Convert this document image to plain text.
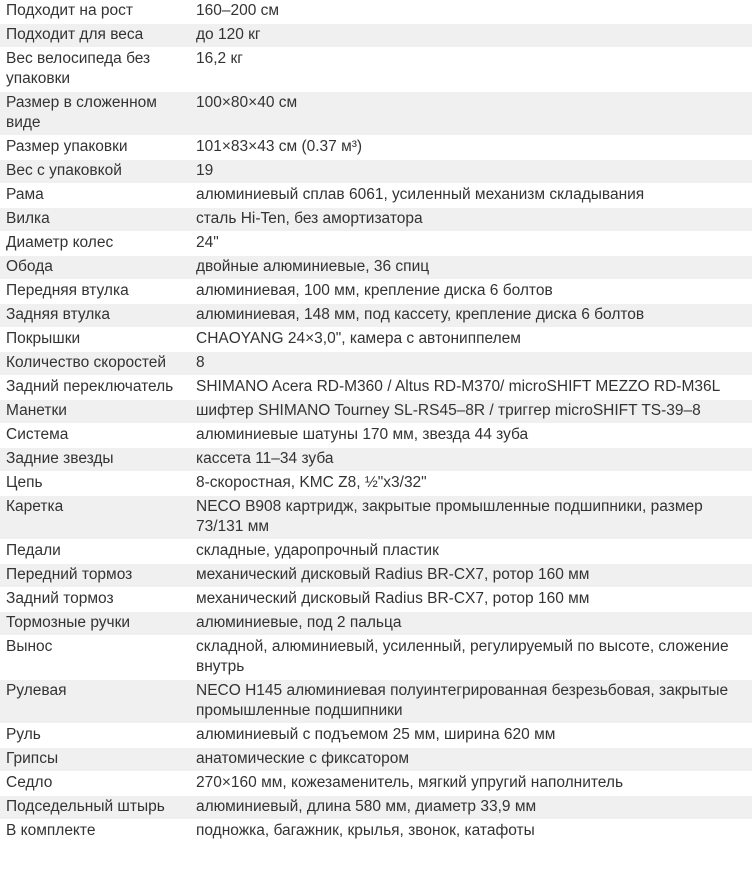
Подходит на рост	160–200 см
Подходит для веса	до 120 кг
Вес велосипеда без упаковки	16,2 кг
Размер в сложенном виде	100×80×40 см
Размер упаковки	101×83×43 см (0.37 м³)
Вес с упаковкой	19
Рама	алюминиевый сплав 6061, усиленный механизм складывания
Вилка	сталь Hi-Ten, без амортизатора
Диаметр колес	24"
Обода	двойные алюминиевые, 36 спиц
Передняя втулка	алюминиевая, 100 мм, крепление диска 6 болтов
Задняя втулка	алюминиевая, 148 мм, под кассету, крепление диска 6 болтов
Покрышки	CHAOYANG 24×3,0", камера с автониппелем
Количество скоростей	8
Задний переключатель	SHIMANO Acera RD-M360 / Altus RD-M370/ microSHIFT MEZZO RD-M36L
Манетки	шифтер SHIMANO Tourney SL-RS45–8R / триггер microSHIFT TS-39–8
Система	алюминиевые шатуны 170 мм, звезда 44 зуба
Задние звезды	кассета 11–34 зуба
Цепь	8-скоростная, KMC Z8, ½"x3/32"
Каретка	NECO B908 картридж, закрытые промышленные подшипники, размер 73/131 мм
Педали	складные, ударопрочный пластик
Передний тормоз	механический дисковый Radius BR-CX7, ротор 160 мм
Задний тормоз	механический дисковый Radius BR-CX7, ротор 160 мм
Тормозные ручки	алюминиевые, под 2 пальца
Вынос	складной, алюминиевый, усиленный, регулируемый по высоте, сложение внутрь
Рулевая	NECO H145 алюминиевая полуинтегрированная безрезьбовая, закрытые промышленные подшипники
Руль	алюминиевый с подъемом 25 мм, ширина 620 мм
Грипсы	анатомические с фиксатором
Седло	270×160 мм, кожезаменитель, мягкий упругий наполнитель
Подседельный штырь	алюминиевый, длина 580 мм, диаметр 33,9 мм
В комплекте	подножка, багажник, крылья, звонок, катафоты
